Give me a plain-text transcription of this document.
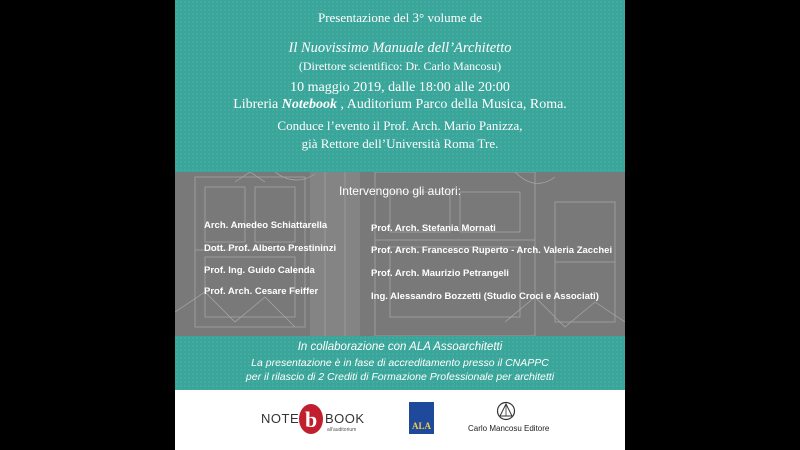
Presentazione del 3° volume de
Il Nuovissimo Manuale dell’Architetto
(Direttore scientifico: Dr. Carlo Mancosu)
10 maggio 2019, dalle 18:00 alle 20:00
Libreria Notebook , Auditorium Parco della Musica, Roma.
Conduce l’evento il Prof. Arch. Mario Panizza,
già Rettore dell’Università Roma Tre.
Intervengono gli autori:
Arch. Amedeo Schiattarella
Dott. Prof. Alberto Prestininzi
Prof. Ing. Guido Calenda
Prof. Arch. Cesare Feiffer
Prof. Arch. Stefania Mornati
Prof. Arch. Francesco Ruperto - Arch. Valeria Zacchei
Prof. Arch. Maurizio Petrangeli
Ing. Alessandro Bozzetti (Studio Croci e Associati)
In collaborazione con ALA Assoarchitetti
La presentazione è in fase di accreditamento presso il CNAPPC
per il rilascio di 2 Crediti di Formazione Professionale per architetti
NOTE b BOOK
all'auditorium	ALA	Carlo Mancosu Editore
